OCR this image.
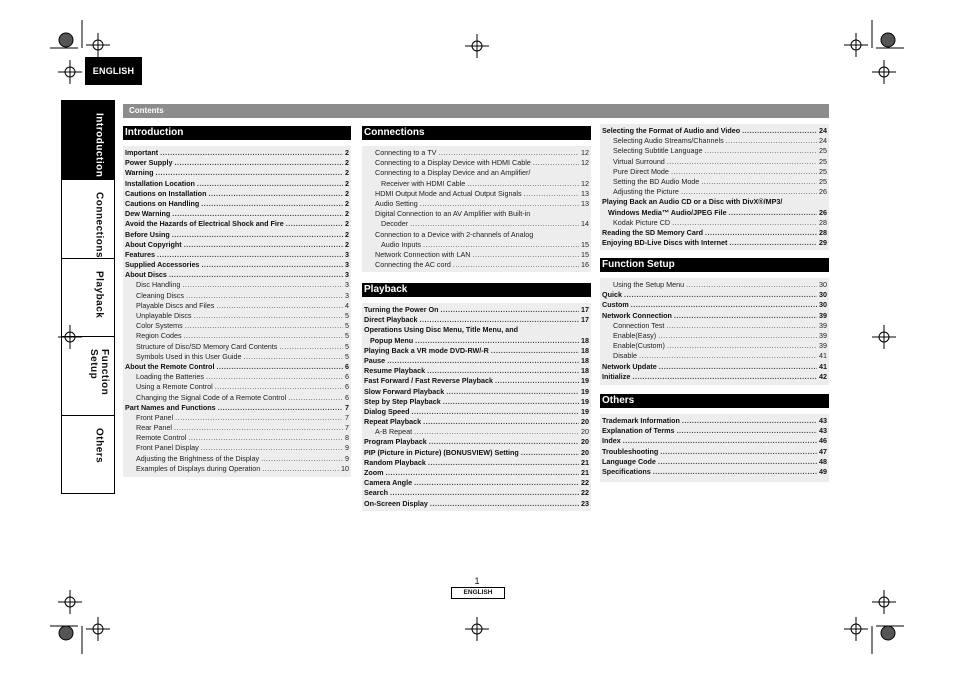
ENGLISH
Introduction
Connections
Playback
Function Setup
Others
Contents
Introduction
Important .....	2
Power Supply .....	2
Warning .....	2
Installation Location .....	2
Cautions on Installation .....	2
Cautions on Handling .....	2
Dew Warning .....	2
Avoid the Hazards of Electrical Shock and Fire .....	2
Before Using .....	2
About Copyright .....	2
Features .....	3
Supplied Accessories .....	3
About Discs .....	3
Disc Handling .....	3
Cleaning Discs .....	3
Playable Discs and Files .....	4
Unplayable Discs .....	5
Color Systems .....	5
Region Codes .....	5
Structure of Disc/SD Memory Card Contents .....	5
Symbols Used in this User Guide .....	5
About the Remote Control .....	6
Loading the Batteries .....	6
Using a Remote Control .....	6
Changing the Signal Code of a Remote Control .....	6
Part Names and Functions .....	7
Front Panel .....	7
Rear Panel .....	7
Remote Control .....	8
Front Panel Display .....	9
Adjusting the Brightness of the Display .....	9
Examples of Displays during Operation .....	10
Connections
Connecting to a TV .....	12
Connecting to a Display Device with HDMI Cable .....	12
Connecting to a Display Device and an Amplifier/
Receiver with HDMI Cable .....	12
HDMI Output Mode and Actual Output Signals .....	13
Audio Setting .....	13
Digital Connection to an AV Amplifier with Built-in
Decoder .....	14
Connection to a Device with 2-channels of Analog
Audio Inputs .....	15
Network Connection with LAN .....	15
Connecting the AC cord .....	16
Playback
Turning the Power On .....	17
Direct Playback .....	17
Operations Using Disc Menu, Title Menu, and
Popup Menu .....	18
Playing Back a VR mode DVD-RW/-R .....	18
Pause .....	18
Resume Playback .....	18
Fast Forward / Fast Reverse Playback .....	19
Slow Forward Playback .....	19
Step by Step Playback .....	19
Dialog Speed .....	19
Repeat Playback .....	20
A-B Repeat .....	20
Program Playback .....	20
PIP (Picture in Picture) (BONUSVIEW) Setting .....	20
Random Playback .....	21
Zoom .....	21
Camera Angle .....	22
Search .....	22
On-Screen Display .....	23
Selecting the Format of Audio and Video .....	24
Selecting Audio Streams/Channels .....	24
Selecting Subtitle Language .....	25
Virtual Surround .....	25
Pure Direct Mode .....	25
Setting the BD Audio Mode .....	25
Adjusting the Picture .....	26
Playing Back an Audio CD or a Disc with DivX®/MP3/
Windows Media™ Audio/JPEG File .....	26
Kodak Picture CD .....	28
Reading the SD Memory Card .....	28
Enjoying BD-Live Discs with Internet .....	29
Function Setup
Using the Setup Menu .....	30
Quick .....	30
Custom .....	30
Network Connection .....	39
Connection Test .....	39
Enable(Easy) .....	39
Enable(Custom) .....	39
Disable .....	41
Network Update .....	41
Initialize .....	42
Others
Trademark Information .....	43
Explanation of Terms .....	43
Index .....	46
Troubleshooting .....	47
Language Code .....	48
Specifications .....	49
1
ENGLISH
